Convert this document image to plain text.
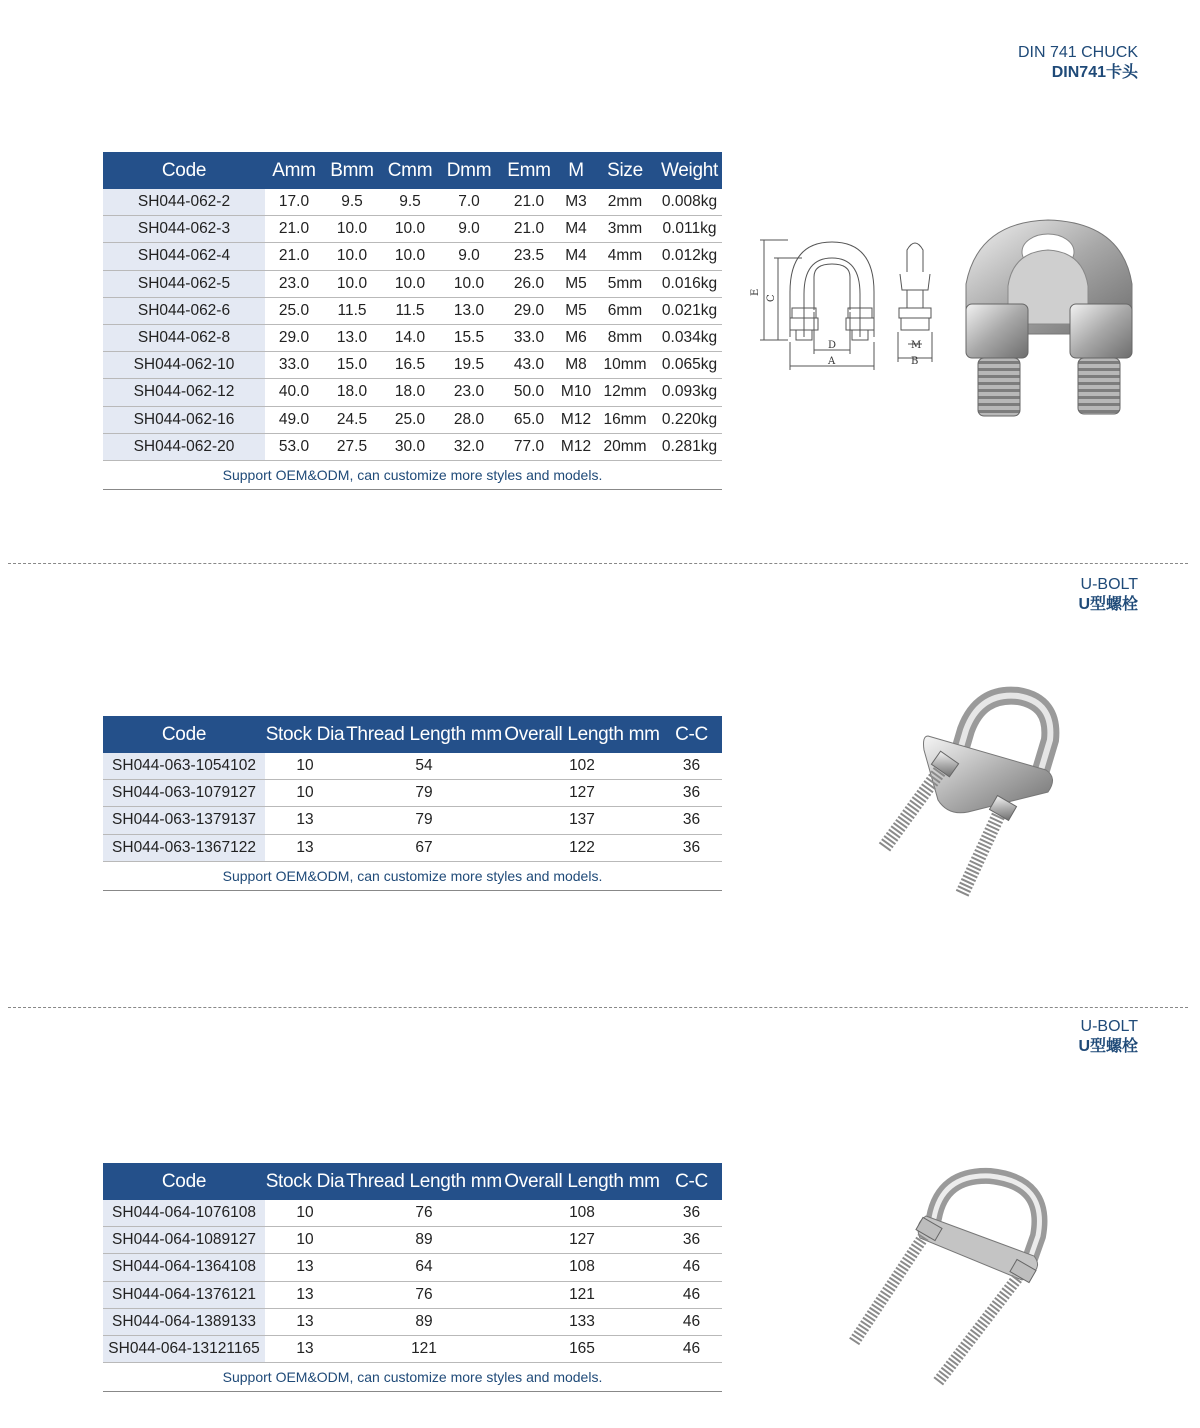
DIN 741 CHUCK
DIN741卡头
Code	Amm	Bmm	Cmm	Dmm	Emm	M	Size	Weight
SH044-062-2	17.0	9.5	9.5	7.0	21.0	M3	2mm	0.008kg
SH044-062-3	21.0	10.0	10.0	9.0	21.0	M4	3mm	0.011kg
SH044-062-4	21.0	10.0	10.0	9.0	23.5	M4	4mm	0.012kg
SH044-062-5	23.0	10.0	10.0	10.0	26.0	M5	5mm	0.016kg
SH044-062-6	25.0	11.5	11.5	13.0	29.0	M5	6mm	0.021kg
SH044-062-8	29.0	13.0	14.0	15.5	33.0	M6	8mm	0.034kg
SH044-062-10	33.0	15.0	16.5	19.5	43.0	M8	10mm	0.065kg
SH044-062-12	40.0	18.0	18.0	23.0	50.0	M10	12mm	0.093kg
SH044-062-16	49.0	24.5	25.0	28.0	65.0	M12	16mm	0.220kg
SH044-062-20	53.0	27.5	30.0	32.0	77.0	M12	20mm	0.281kg
Support OEM&ODM, can customize more styles and models.								
E
C
D
A
M
B
U-BOLT
U型螺栓
Code	Stock Dia	Thread Length mm	Overall Length mm	C-C
SH044-063-1054102	10	54	102	36
SH044-063-1079127	10	79	127	36
SH044-063-1379137	13	79	137	36
SH044-063-1367122	13	67	122	36
Support OEM&ODM, can customize more styles and models.				
U-BOLT
U型螺栓
Code	Stock Dia	Thread Length mm	Overall Length mm	C-C
SH044-064-1076108	10	76	108	36
SH044-064-1089127	10	89	127	36
SH044-064-1364108	13	64	108	46
SH044-064-1376121	13	76	121	46
SH044-064-1389133	13	89	133	46
SH044-064-13121165	13	121	165	46
Support OEM&ODM, can customize more styles and models.				
